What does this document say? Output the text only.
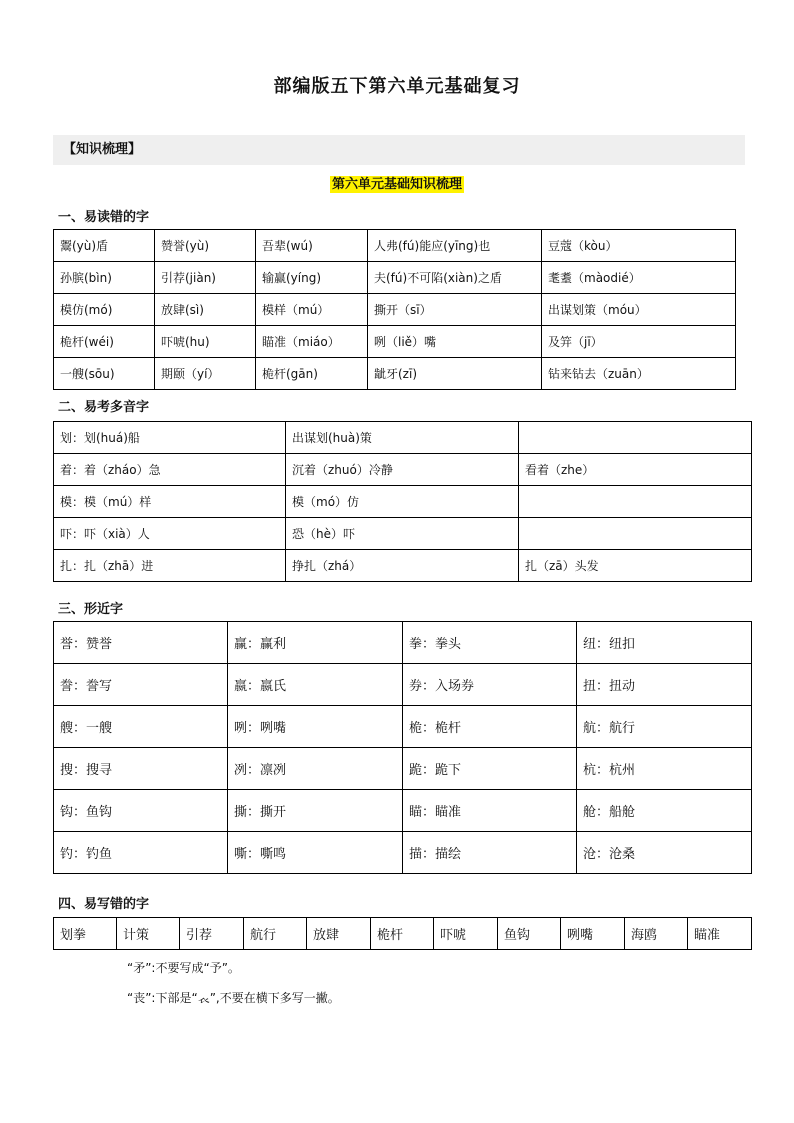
部编版五下第六单元基础复习
【知识梳理】
第六单元基础知识梳理
一、易读错的字
鬻(yù)盾	赞誉(yù)	吾辈(wú)	人弗(fú)能应(yīng)也	豆蔻（kòu）
孙膑(bìn)	引荐(jiàn)	输赢(yíng)	夫(fú)不可陷(xiàn)之盾	耄耋（màodié）
模仿(mó)	放肆(sì)	模样（mú）	撕开（sī）	出谋划策（móu）
桅杆(wéi)	吓唬(hu)	瞄准（miáo）	咧（liě）嘴	及笄（jī）
一艘(sōu)	期颐（yí）	桅杆(gān)	龇牙(zī)	钻来钻去（zuān）
二、易考多音字
划：划(huá)船	出谋划(huà)策	
着：着（zháo）急	沉着（zhuó）冷静	看着（zhe）
模：模（mú）样	模（mó）仿	
吓：吓（xià）人	恐（hè）吓	
扎：扎（zhā）进	挣扎（zhá）	扎（zā）头发
三、形近字
誉：赞誉	赢：赢利	拳：拳头	纽：纽扣
誊：誊写	嬴：嬴氏	券：入场券	扭：扭动
艘：一艘	咧：咧嘴	桅：桅杆	航：航行
搜：搜寻	冽：凛冽	跪：跪下	杭：杭州
钩：鱼钩	撕：撕开	瞄：瞄准	舱：船舱
钓：钓鱼	嘶：嘶鸣	描：描绘	沧：沧桑
四、易写错的字
划拳	计策	引荐	航行	放肆	桅杆	吓唬	鱼钩	咧嘴	海鸥	瞄准
“矛”:不要写成“予”。
“丧”:下部是“𧘇”,不要在横下多写一撇。
